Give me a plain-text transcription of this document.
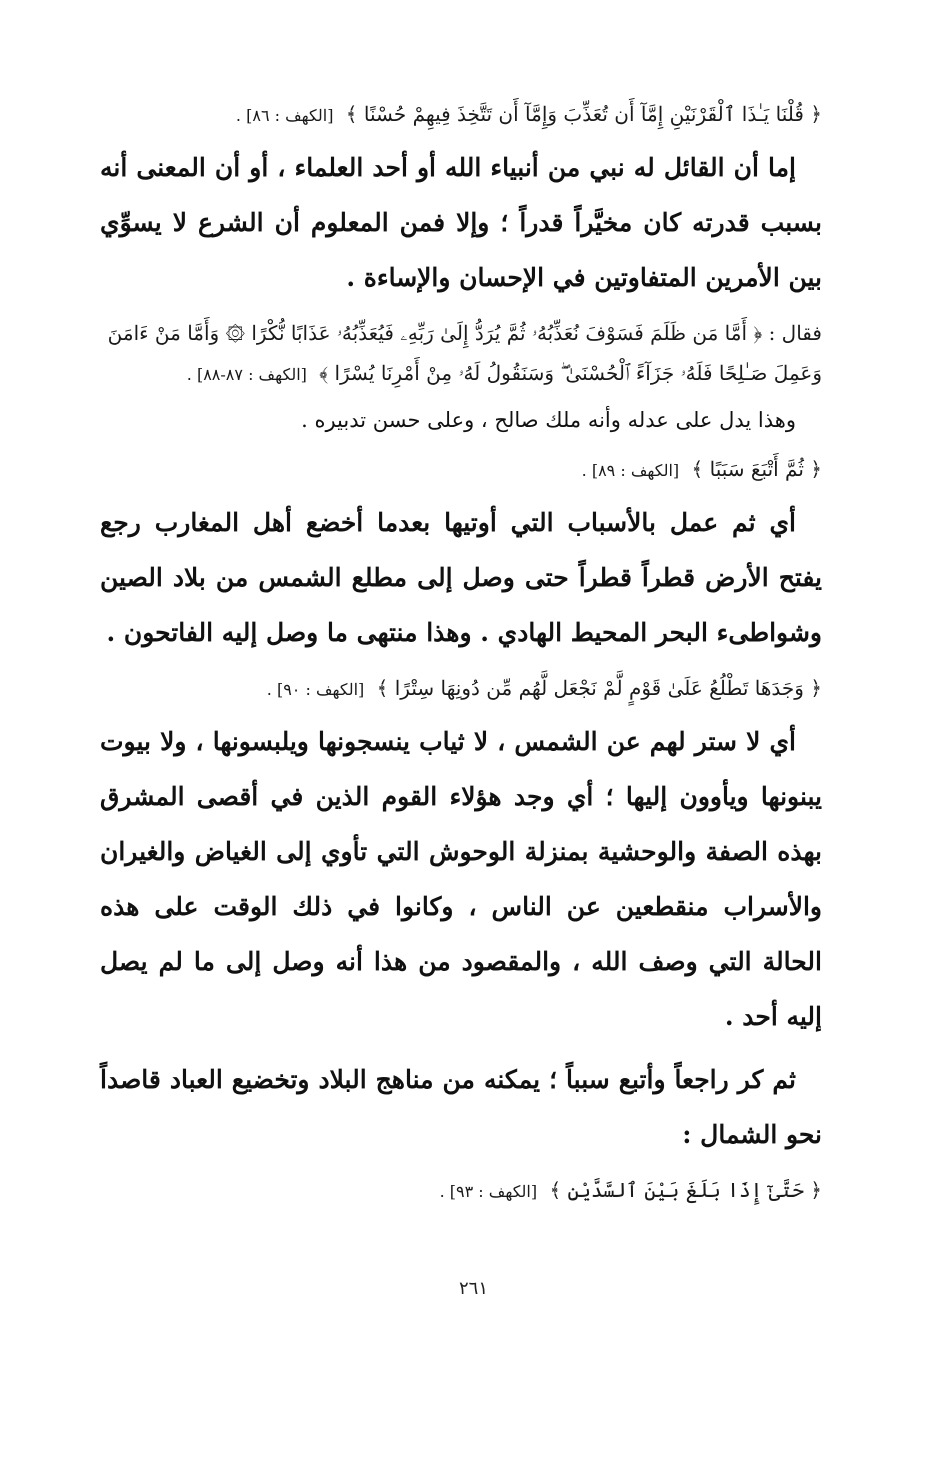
﴿ قُلْنَا يَـٰذَا ٱلْقَرْنَيْنِ إِمَّآ أَن تُعَذِّبَ وَإِمَّآ أَن تَتَّخِذَ فِيهِمْ حُسْنًا ﴾ [الكهف : ٨٦] .

إما أن القائل له نبي من أنبياء الله أو أحد العلماء ، أو أن المعنى أنه بسبب قدرته كان مخيَّراً قدراً ؛ وإلا فمن المعلوم أن الشرع لا يسوِّي بين الأمرين المتفاوتين في الإحسان والإساءة .

فقال : ﴿ أَمَّا مَن ظَلَمَ فَسَوْفَ نُعَذِّبُهُۥ ثُمَّ يُرَدُّ إِلَىٰ رَبِّهِۦ فَيُعَذِّبُهُۥ عَذَابًا نُّكْرًا ۞ وَأَمَّا مَنْ ءَامَنَ وَعَمِلَ صَـٰلِحًا فَلَهُۥ جَزَآءً ٱلْحُسْنَىٰ ۖ وَسَنَقُولُ لَهُۥ مِنْ أَمْرِنَا يُسْرًا ﴾ [الكهف : ٨٧-٨٨] .

وهذا يدل على عدله وأنه ملك صالح ، وعلى حسن تدبيره .

﴿ ثُمَّ أَتْبَعَ سَبَبًا ﴾ [الكهف : ٨٩] .

أي ثم عمل بالأسباب التي أوتيها بعدما أخضع أهل المغارب رجع يفتح الأرض قطراً قطراً حتى وصل إلى مطلع الشمس من بلاد الصين وشواطىء البحر المحيط الهادي . وهذا منتهى ما وصل إليه الفاتحون .

﴿ وَجَدَهَا تَطْلُعُ عَلَىٰ قَوْمٍ لَّمْ نَجْعَل لَّهُم مِّن دُونِهَا سِتْرًا ﴾ [الكهف : ٩٠] .

أي لا ستر لهم عن الشمس ، لا ثياب ينسجونها ويلبسونها ، ولا بيوت يبنونها ويأوون إليها ؛ أي وجد هؤلاء القوم الذين في أقصى المشرق بهذه الصفة والوحشية بمنزلة الوحوش التي تأوي إلى الغياض والغيران والأسراب منقطعين عن الناس ، وكانوا في ذلك الوقت على هذه الحالة التي وصف الله ، والمقصود من هذا أنه وصل إلى ما لم يصل إليه أحد .

ثم كر راجعاً وأتبع سبباً ؛ يمكنه من مناهج البلاد وتخضيع العباد قاصداً نحو الشمال :

﴿ حَتَّىٰٓ إِذَا بَلَغَ بَيْنَ ٱلسَّدَّيْنِ ﴾ [الكهف : ٩٣] .

٢٦١
